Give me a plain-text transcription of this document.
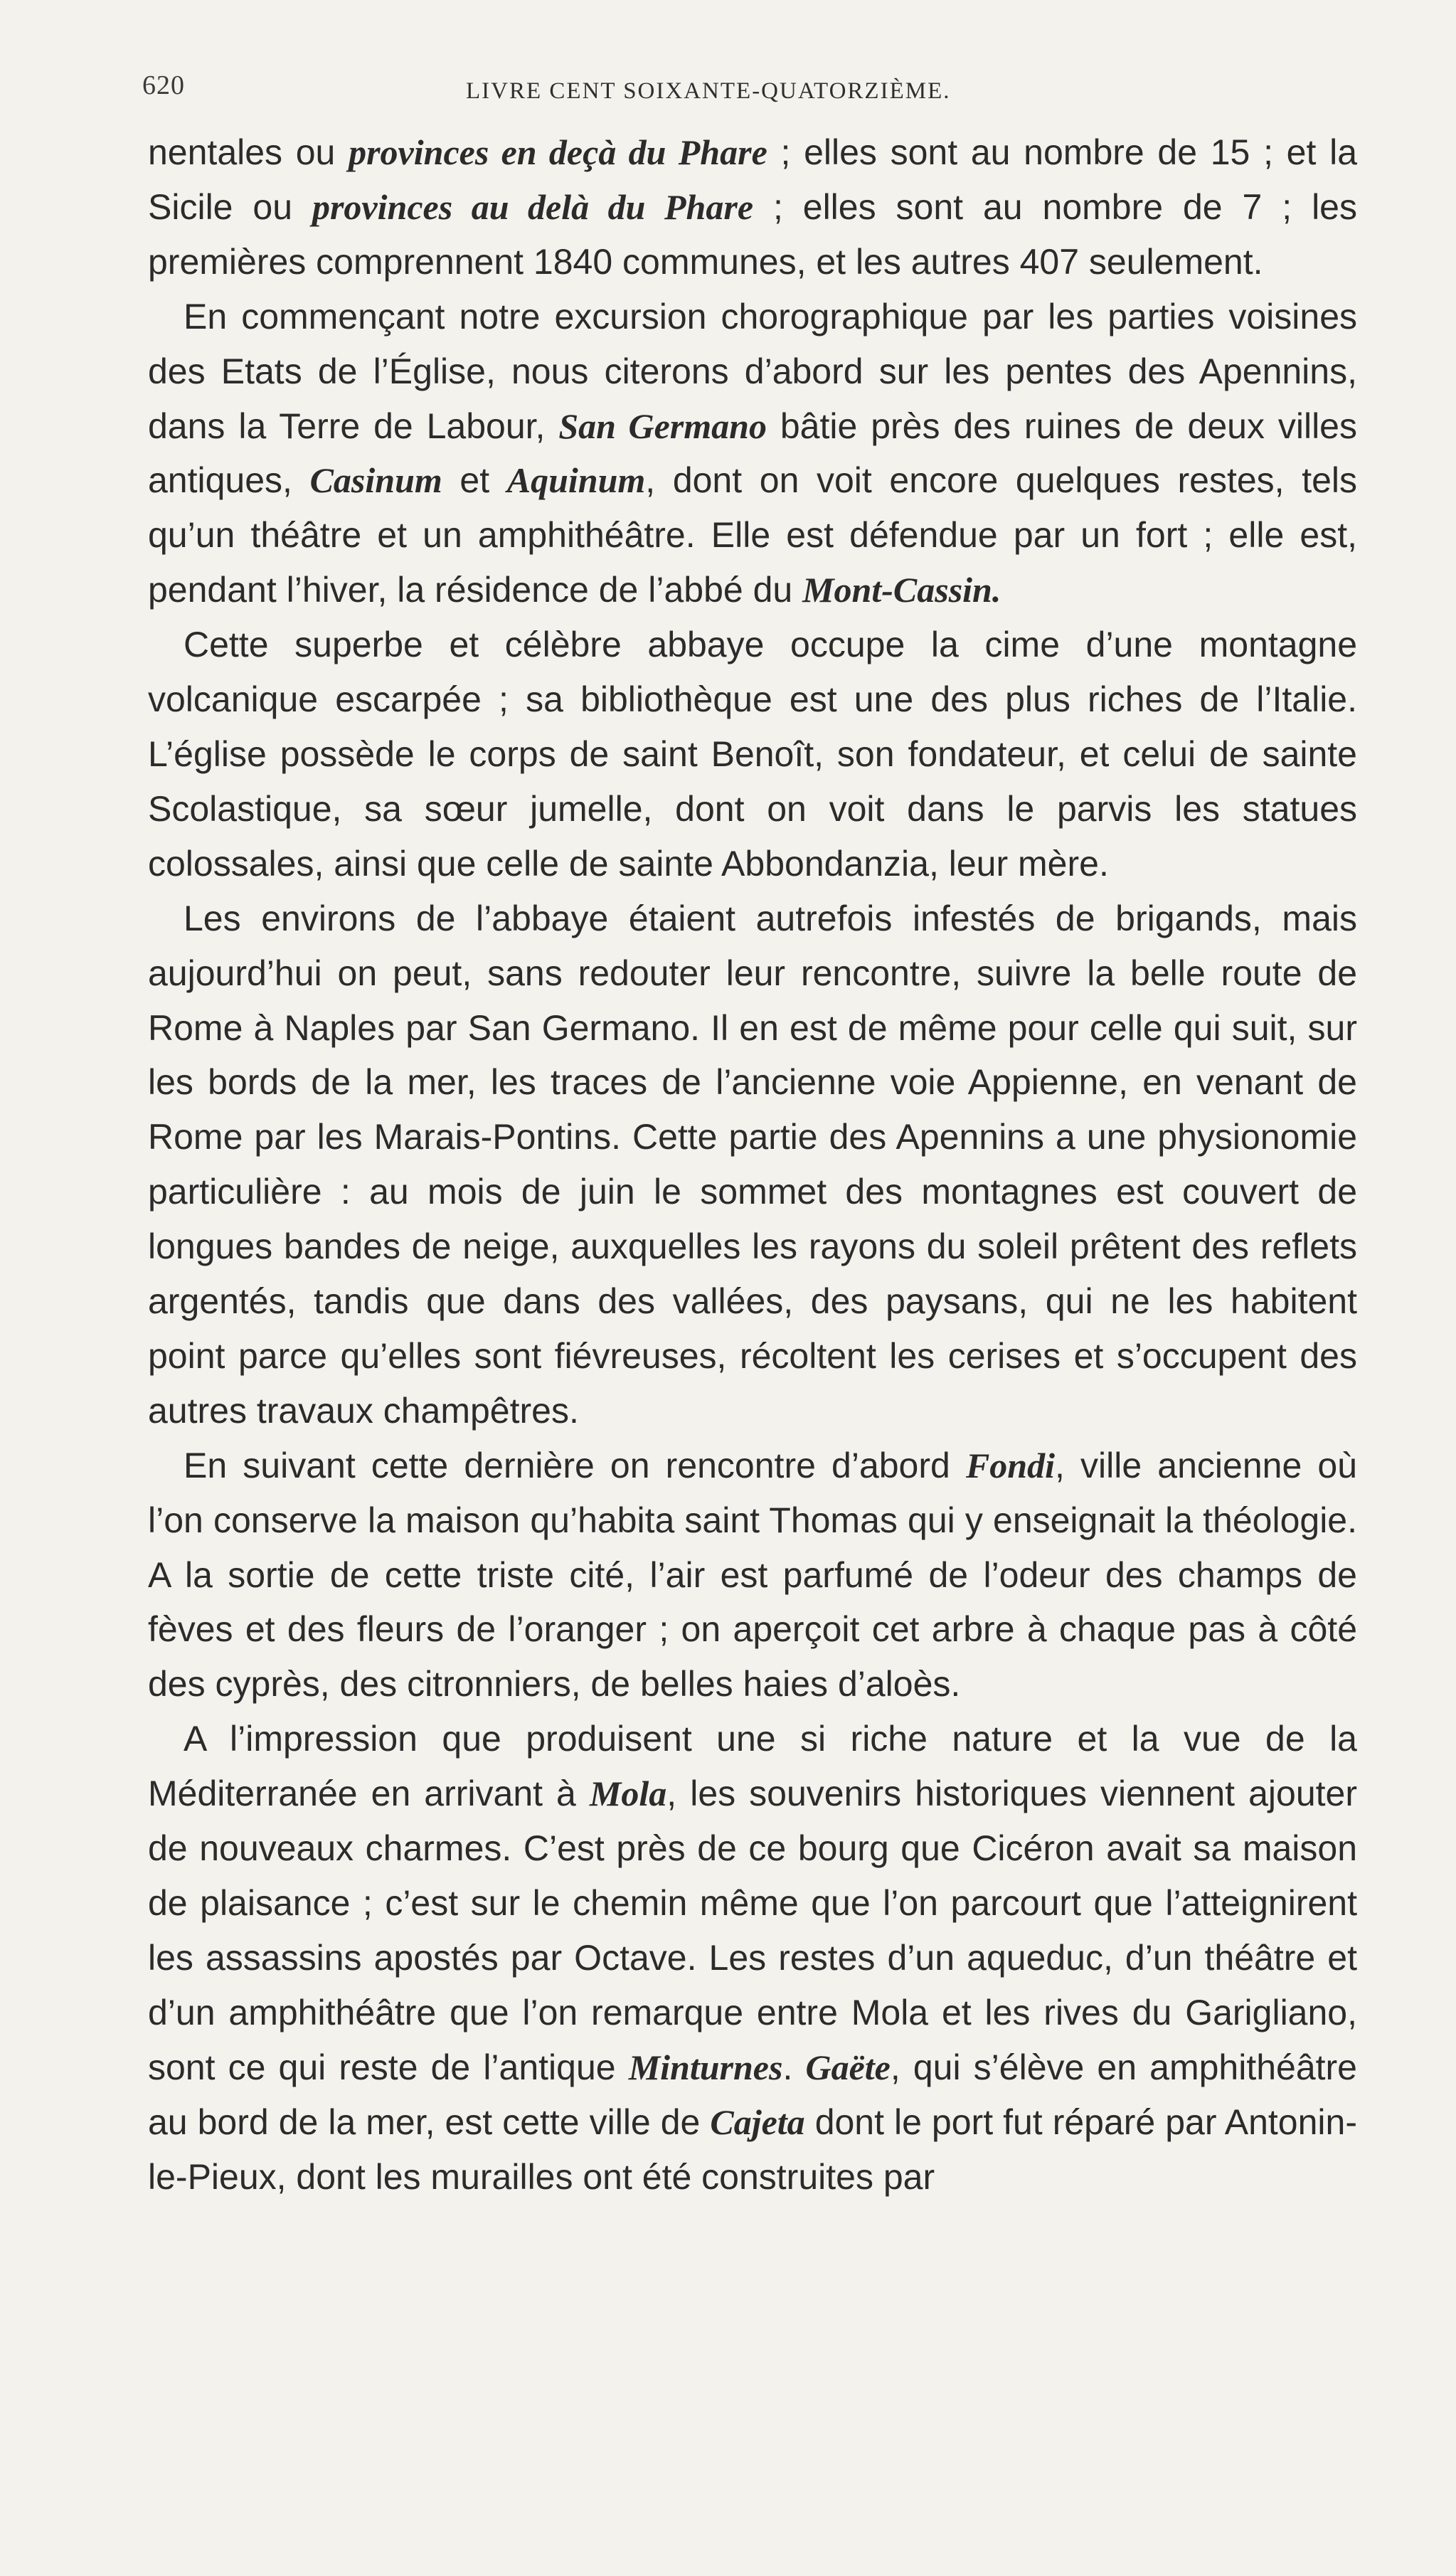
620	LIVRE CENT SOIXANTE-QUATORZIÈME.

nentales ou provinces en deçà du Phare ; elles sont au nombre de 15 ; et la Sicile ou provinces au delà du Phare ; elles sont au nombre de 7 ; les premières comprennent 1840 communes, et les autres 407 seulement.

En commençant notre excursion chorographique par les parties voisines des Etats de l’Église, nous citerons d’abord sur les pentes des Apennins, dans la Terre de Labour, San Germano bâtie près des ruines de deux villes antiques, Casinum et Aquinum, dont on voit encore quelques restes, tels qu’un théâtre et un amphithéâtre. Elle est défendue par un fort ; elle est, pendant l’hiver, la résidence de l’abbé du Mont-Cassin.

Cette superbe et célèbre abbaye occupe la cime d’une montagne volcanique escarpée ; sa bibliothèque est une des plus riches de l’Italie. L’église possède le corps de saint Benoît, son fondateur, et celui de sainte Scolastique, sa sœur jumelle, dont on voit dans le parvis les statues colossales, ainsi que celle de sainte Abbondanzia, leur mère.

Les environs de l’abbaye étaient autrefois infestés de brigands, mais aujourd’hui on peut, sans redouter leur rencontre, suivre la belle route de Rome à Naples par San Germano. Il en est de même pour celle qui suit, sur les bords de la mer, les traces de l’ancienne voie Appienne, en venant de Rome par les Marais-Pontins. Cette partie des Apennins a une physionomie particulière : au mois de juin le sommet des montagnes est couvert de longues bandes de neige, auxquelles les rayons du soleil prêtent des reflets argentés, tandis que dans des vallées, des paysans, qui ne les habitent point parce qu’elles sont fiévreuses, récoltent les cerises et s’occupent des autres travaux champêtres.

En suivant cette dernière on rencontre d’abord Fondi, ville ancienne où l’on conserve la maison qu’habita saint Thomas qui y enseignait la théologie. A la sortie de cette triste cité, l’air est parfumé de l’odeur des champs de fèves et des fleurs de l’oranger ; on aperçoit cet arbre à chaque pas à côté des cyprès, des citronniers, de belles haies d’aloès.

A l’impression que produisent une si riche nature et la vue de la Méditerranée en arrivant à Mola, les souvenirs historiques viennent ajouter de nouveaux charmes. C’est près de ce bourg que Cicéron avait sa maison de plaisance ; c’est sur le chemin même que l’on parcourt que l’atteignirent les assassins apostés par Octave. Les restes d’un aqueduc, d’un théâtre et d’un amphithéâtre que l’on remarque entre Mola et les rives du Garigliano, sont ce qui reste de l’antique Minturnes. Gaëte, qui s’élève en amphithéâtre au bord de la mer, est cette ville de Cajeta dont le port fut réparé par Antonin-le-Pieux, dont les murailles ont été construites par
